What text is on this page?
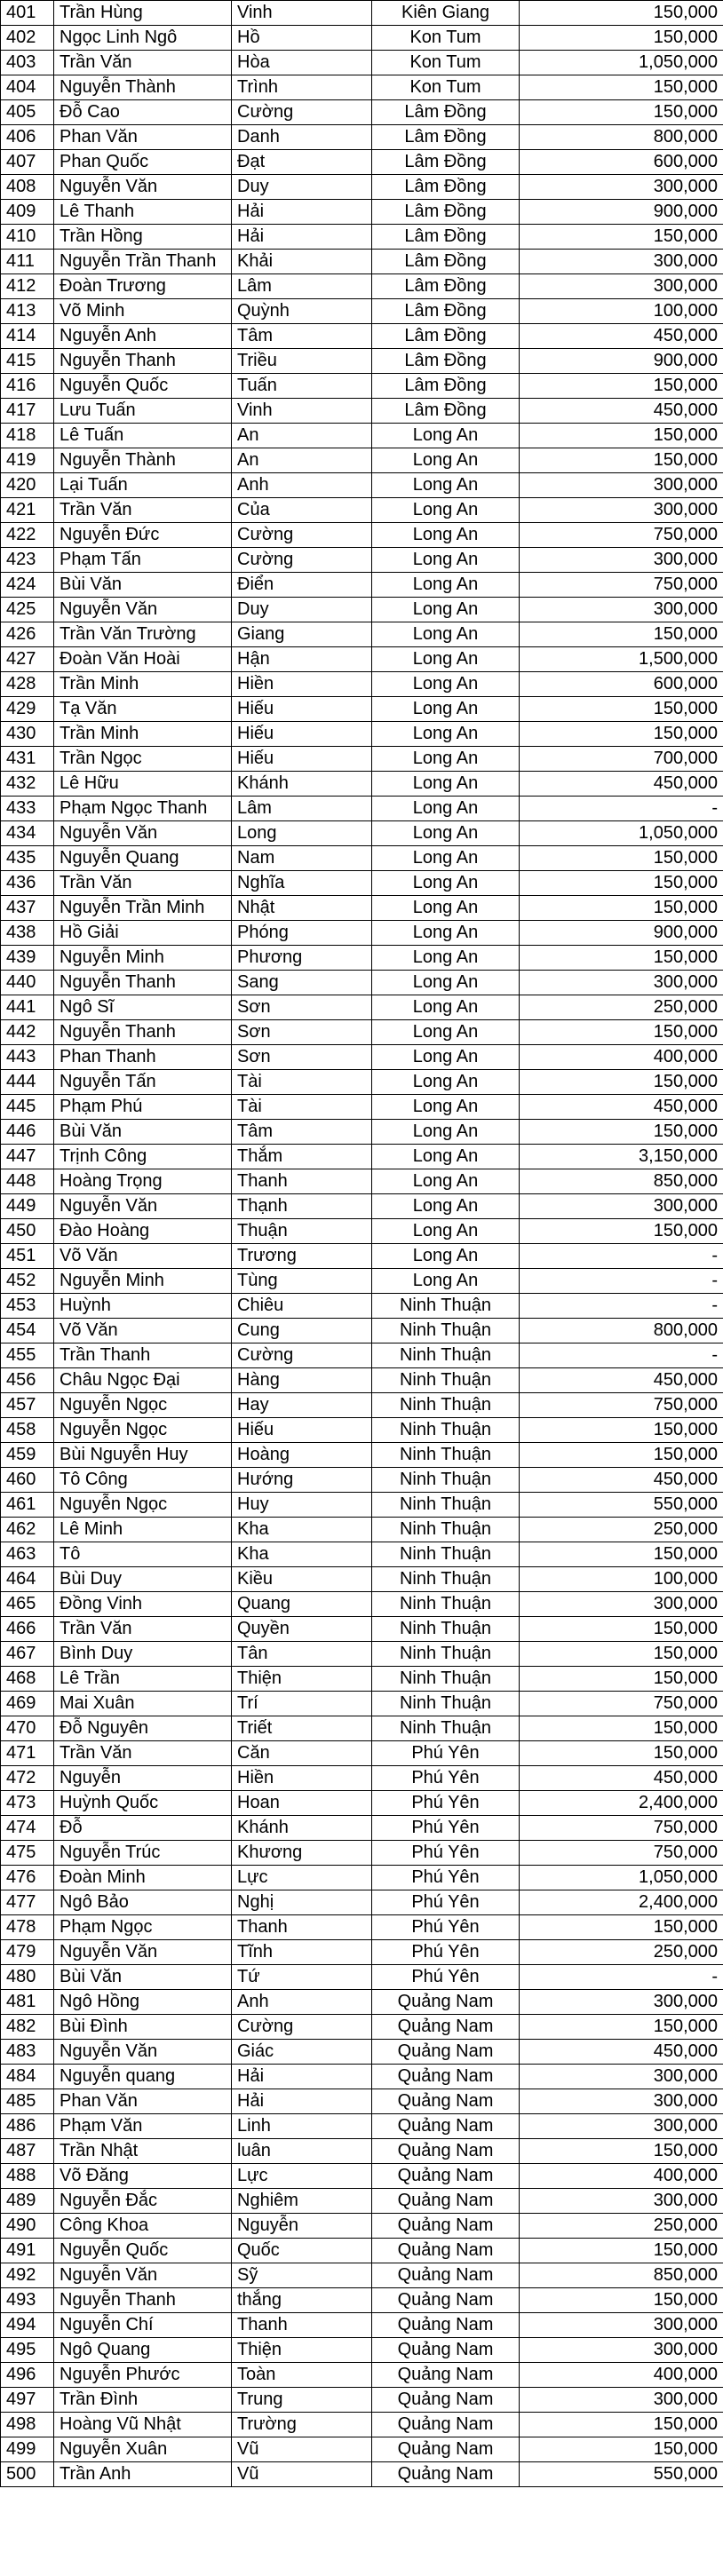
401	Trần Hùng	Vinh	Kiên Giang	150,000
402	Ngọc Linh Ngô	Hồ	Kon Tum	150,000
403	Trần Văn	Hòa	Kon Tum	1,050,000
404	Nguyễn Thành	Trình	Kon Tum	150,000
405	Đỗ Cao	Cường	Lâm Đồng	150,000
406	Phan Văn	Danh	Lâm Đồng	800,000
407	Phan Quốc	Đạt	Lâm Đồng	600,000
408	Nguyễn Văn	Duy	Lâm Đồng	300,000
409	Lê Thanh	Hải	Lâm Đồng	900,000
410	Trần Hồng	Hải	Lâm Đồng	150,000
411	Nguyễn Trần Thanh	Khải	Lâm Đồng	300,000
412	Đoàn Trương	Lâm	Lâm Đồng	300,000
413	Võ Minh	Quỳnh	Lâm Đồng	100,000
414	Nguyễn Anh	Tâm	Lâm Đồng	450,000
415	Nguyễn Thanh	Triều	Lâm Đồng	900,000
416	Nguyễn Quốc	Tuấn	Lâm Đồng	150,000
417	Lưu Tuấn	Vinh	Lâm Đồng	450,000
418	Lê Tuấn	An	Long An	150,000
419	Nguyễn Thành	An	Long An	150,000
420	Lại Tuấn	Anh	Long An	300,000
421	Trần Văn	Của	Long An	300,000
422	Nguyễn Đức	Cường	Long An	750,000
423	Phạm Tấn	Cường	Long An	300,000
424	Bùi Văn	Điển	Long An	750,000
425	Nguyễn Văn	Duy	Long An	300,000
426	Trần Văn Trường	Giang	Long An	150,000
427	Đoàn Văn Hoài	Hận	Long An	1,500,000
428	Trần Minh	Hiền	Long An	600,000
429	Tạ Văn	Hiếu	Long An	150,000
430	Trần Minh	Hiếu	Long An	150,000
431	Trần Ngọc	Hiếu	Long An	700,000
432	Lê Hữu	Khánh	Long An	450,000
433	Phạm Ngọc Thanh	Lâm	Long An	-
434	Nguyễn Văn	Long	Long An	1,050,000
435	Nguyễn Quang	Nam	Long An	150,000
436	Trần Văn	Nghĩa	Long An	150,000
437	Nguyễn Trần Minh	Nhật	Long An	150,000
438	Hồ Giải	Phóng	Long An	900,000
439	Nguyễn Minh	Phương	Long An	150,000
440	Nguyễn Thanh	Sang	Long An	300,000
441	Ngô Sĩ	Sơn	Long An	250,000
442	Nguyễn Thanh	Sơn	Long An	150,000
443	Phan Thanh	Sơn	Long An	400,000
444	Nguyễn Tấn	Tài	Long An	150,000
445	Phạm Phú	Tài	Long An	450,000
446	Bùi Văn	Tâm	Long An	150,000
447	Trịnh Công	Thắm	Long An	3,150,000
448	Hoàng Trọng	Thanh	Long An	850,000
449	Nguyễn Văn	Thạnh	Long An	300,000
450	Đào Hoàng	Thuận	Long An	150,000
451	Võ Văn	Trương	Long An	-
452	Nguyễn Minh	Tùng	Long An	-
453	Huỳnh	Chiêu	Ninh Thuận	-
454	Võ Văn	Cung	Ninh Thuận	800,000
455	Trần Thanh	Cường	Ninh Thuận	-
456	Châu Ngọc Đại	Hàng	Ninh Thuận	450,000
457	Nguyễn Ngọc	Hay	Ninh Thuận	750,000
458	Nguyễn Ngọc	Hiếu	Ninh Thuận	150,000
459	Bùi Nguyễn Huy	Hoàng	Ninh Thuận	150,000
460	Tô Công	Hướng	Ninh Thuận	450,000
461	Nguyễn Ngọc	Huy	Ninh Thuận	550,000
462	Lê Minh	Kha	Ninh Thuận	250,000
463	Tô	Kha	Ninh Thuận	150,000
464	Bùi Duy	Kiều	Ninh Thuận	100,000
465	Đồng Vinh	Quang	Ninh Thuận	300,000
466	Trần Văn	Quyền	Ninh Thuận	150,000
467	Bình Duy	Tân	Ninh Thuận	150,000
468	Lê Trần	Thiện	Ninh Thuận	150,000
469	Mai Xuân	Trí	Ninh Thuận	750,000
470	Đỗ Nguyên	Triết	Ninh Thuận	150,000
471	Trần Văn	Căn	Phú Yên	150,000
472	Nguyễn	Hiền	Phú Yên	450,000
473	Huỳnh Quốc	Hoan	Phú Yên	2,400,000
474	Đỗ	Khánh	Phú Yên	750,000
475	Nguyễn Trúc	Khương	Phú Yên	750,000
476	Đoàn Minh	Lực	Phú Yên	1,050,000
477	Ngô Bảo	Nghị	Phú Yên	2,400,000
478	Phạm Ngọc	Thanh	Phú Yên	150,000
479	Nguyễn Văn	Tĩnh	Phú Yên	250,000
480	Bùi Văn	Tứ	Phú Yên	-
481	Ngô Hồng	Anh	Quảng Nam	300,000
482	Bùi Đình	Cường	Quảng Nam	150,000
483	Nguyễn Văn	Giác	Quảng Nam	450,000
484	Nguyễn quang	Hải	Quảng Nam	300,000
485	Phan Văn	Hải	Quảng Nam	300,000
486	Phạm Văn	Linh	Quảng Nam	300,000
487	Trần Nhật	luân	Quảng Nam	150,000
488	Võ Đăng	Lực	Quảng Nam	400,000
489	Nguyễn Đắc	Nghiêm	Quảng Nam	300,000
490	Công Khoa	Nguyễn	Quảng Nam	250,000
491	Nguyễn Quốc	Quốc	Quảng Nam	150,000
492	Nguyễn Văn	Sỹ	Quảng Nam	850,000
493	Nguyễn Thanh	thắng	Quảng Nam	150,000
494	Nguyễn Chí	Thanh	Quảng Nam	300,000
495	Ngô Quang	Thiện	Quảng Nam	300,000
496	Nguyễn Phước	Toàn	Quảng Nam	400,000
497	Trần Đình	Trung	Quảng Nam	300,000
498	Hoàng Vũ Nhật	Trường	Quảng Nam	150,000
499	Nguyễn Xuân	Vũ	Quảng Nam	150,000
500	Trần Anh	Vũ	Quảng Nam	550,000
